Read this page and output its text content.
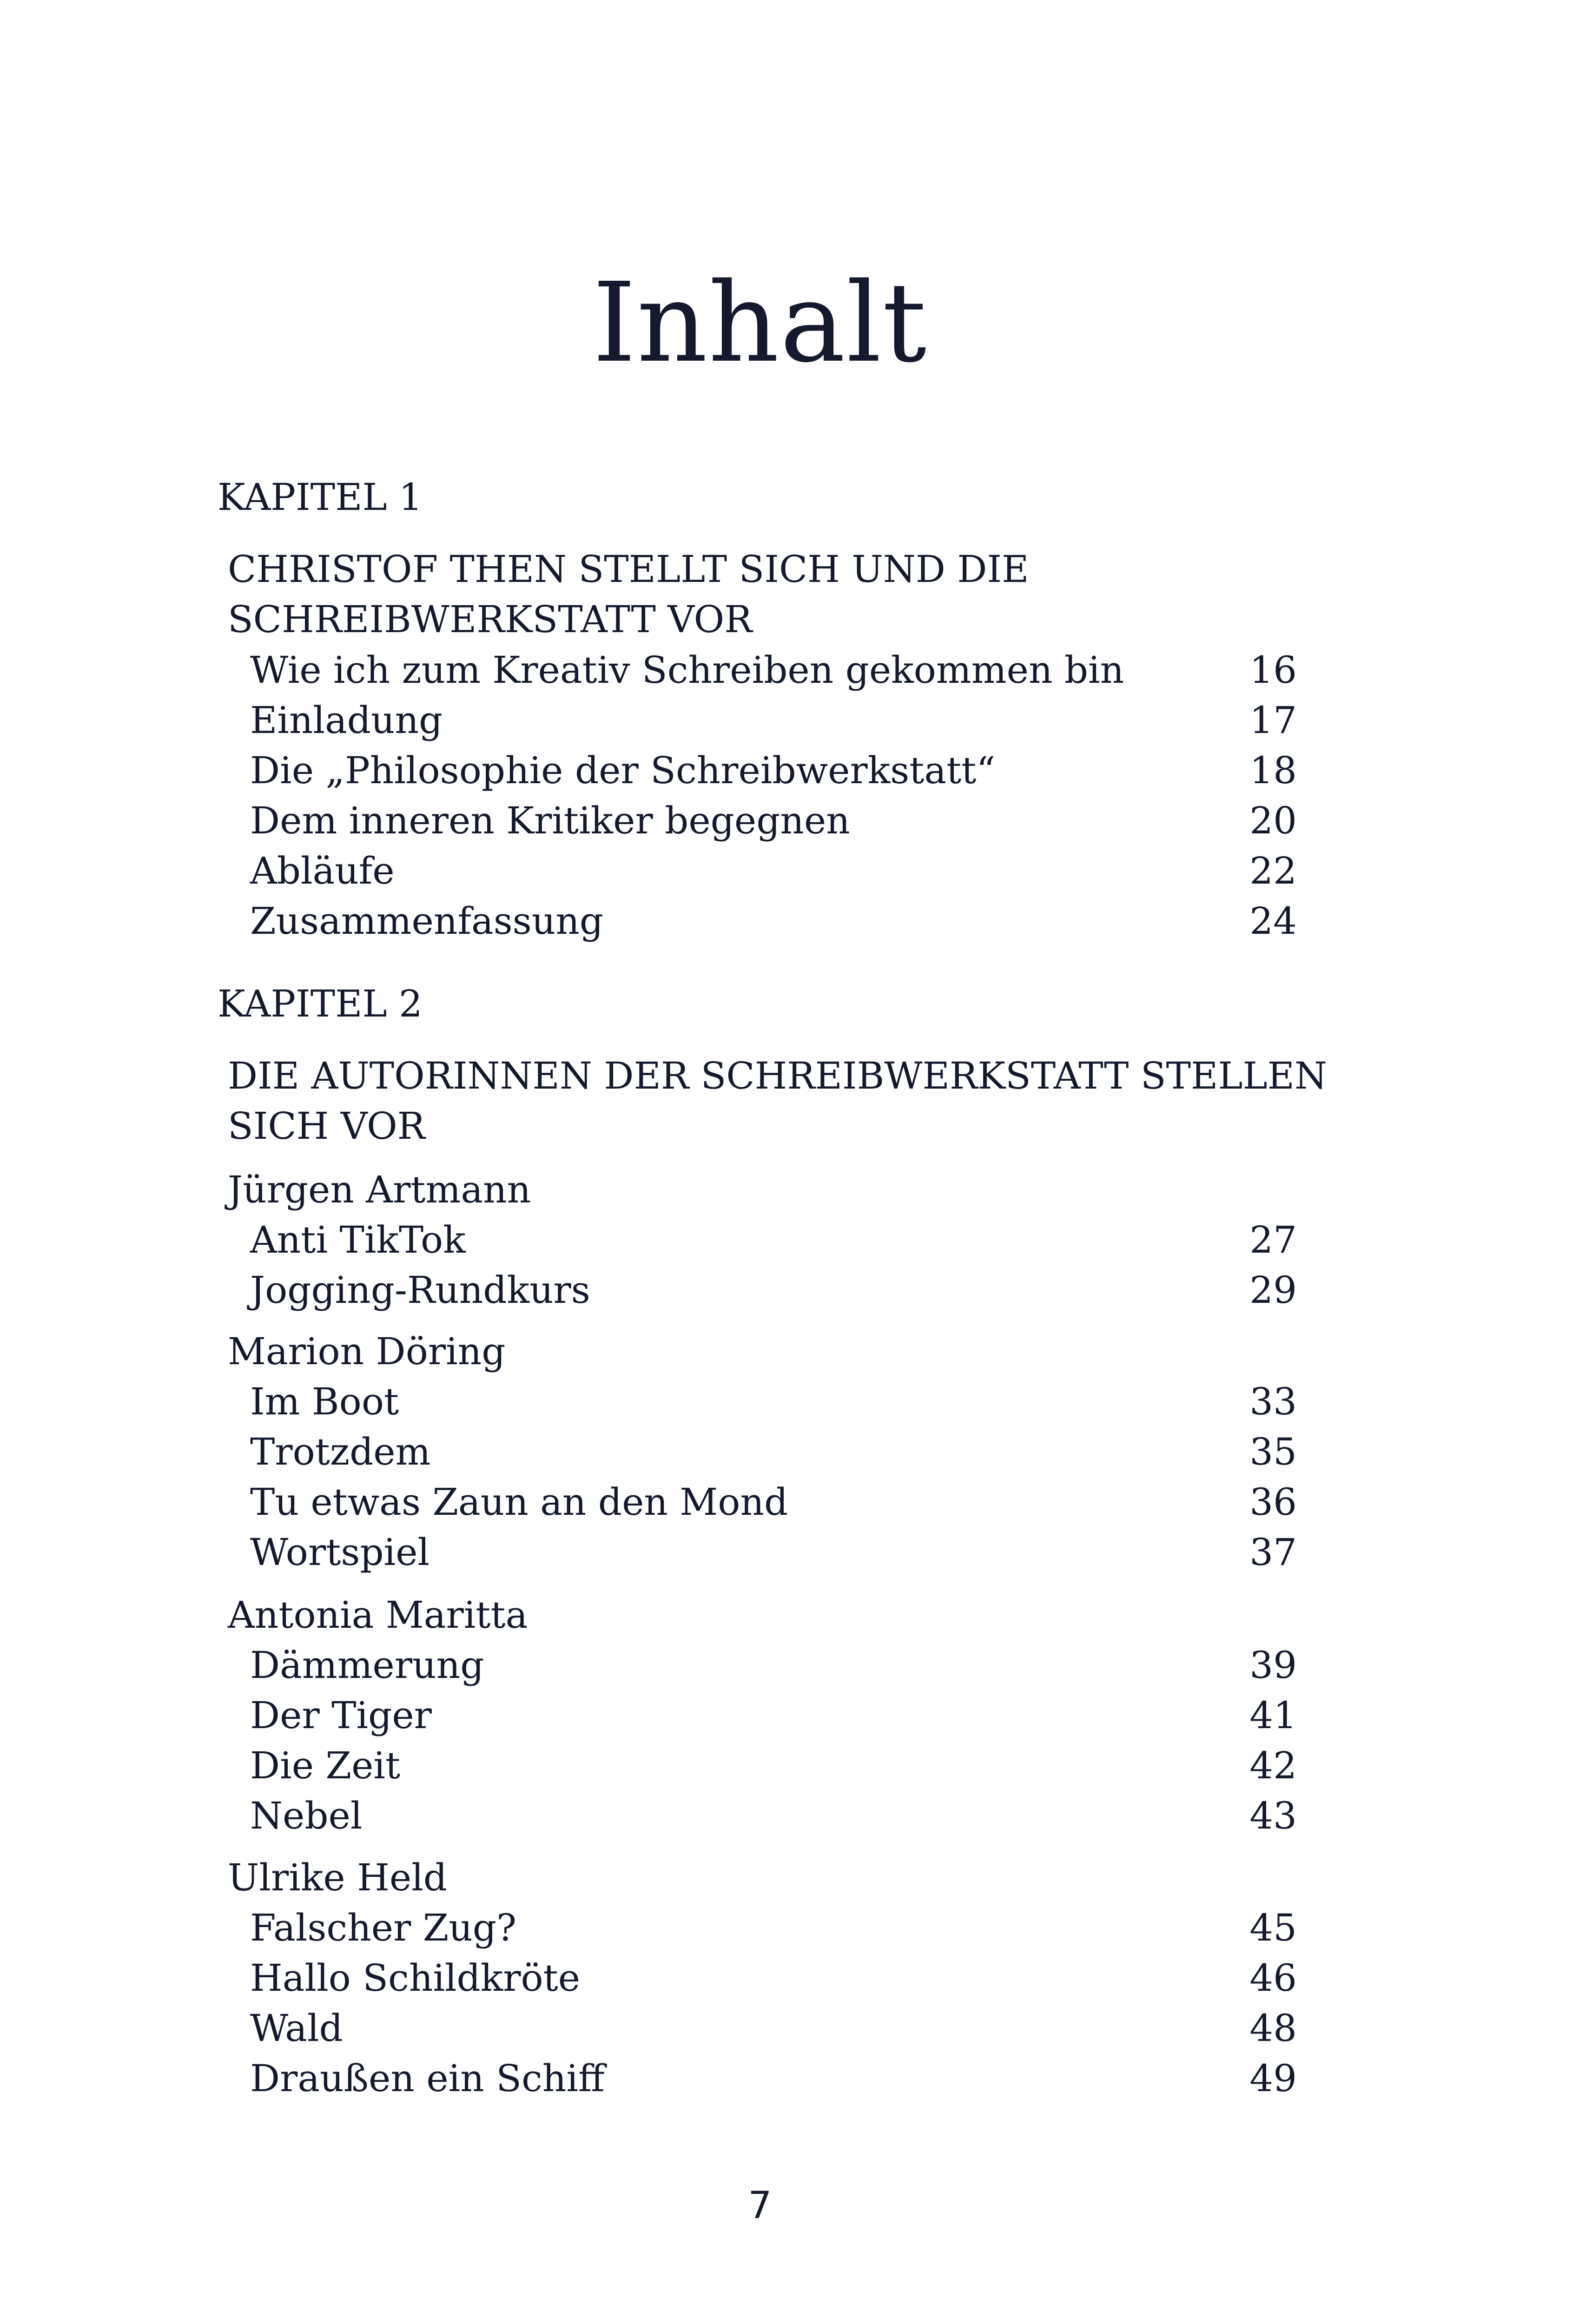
Inhalt
KAPITEL 1
CHRISTOF THEN STELLT SICH UND DIE
SCHREIBWERKSTATT VOR
Wie ich zum Kreativ Schreiben gekommen bin	16
Einladung	17
Die „Philosophie der Schreibwerkstatt“	18
Dem inneren Kritiker begegnen	20
Abläufe	22
Zusammenfassung	24
KAPITEL 2
DIE AUTORINNEN DER SCHREIBWERKSTATT STELLEN
SICH VOR
Jürgen Artmann
Anti TikTok	27
Jogging-Rundkurs	29
Marion Döring
Im Boot	33
Trotzdem	35
Tu etwas Zaun an den Mond	36
Wortspiel	37
Antonia Maritta
Dämmerung	39
Der Tiger	41
Die Zeit	42
Nebel	43
Ulrike Held
Falscher Zug?	45
Hallo Schildkröte	46
Wald	48
Draußen ein Schiff	49
7
